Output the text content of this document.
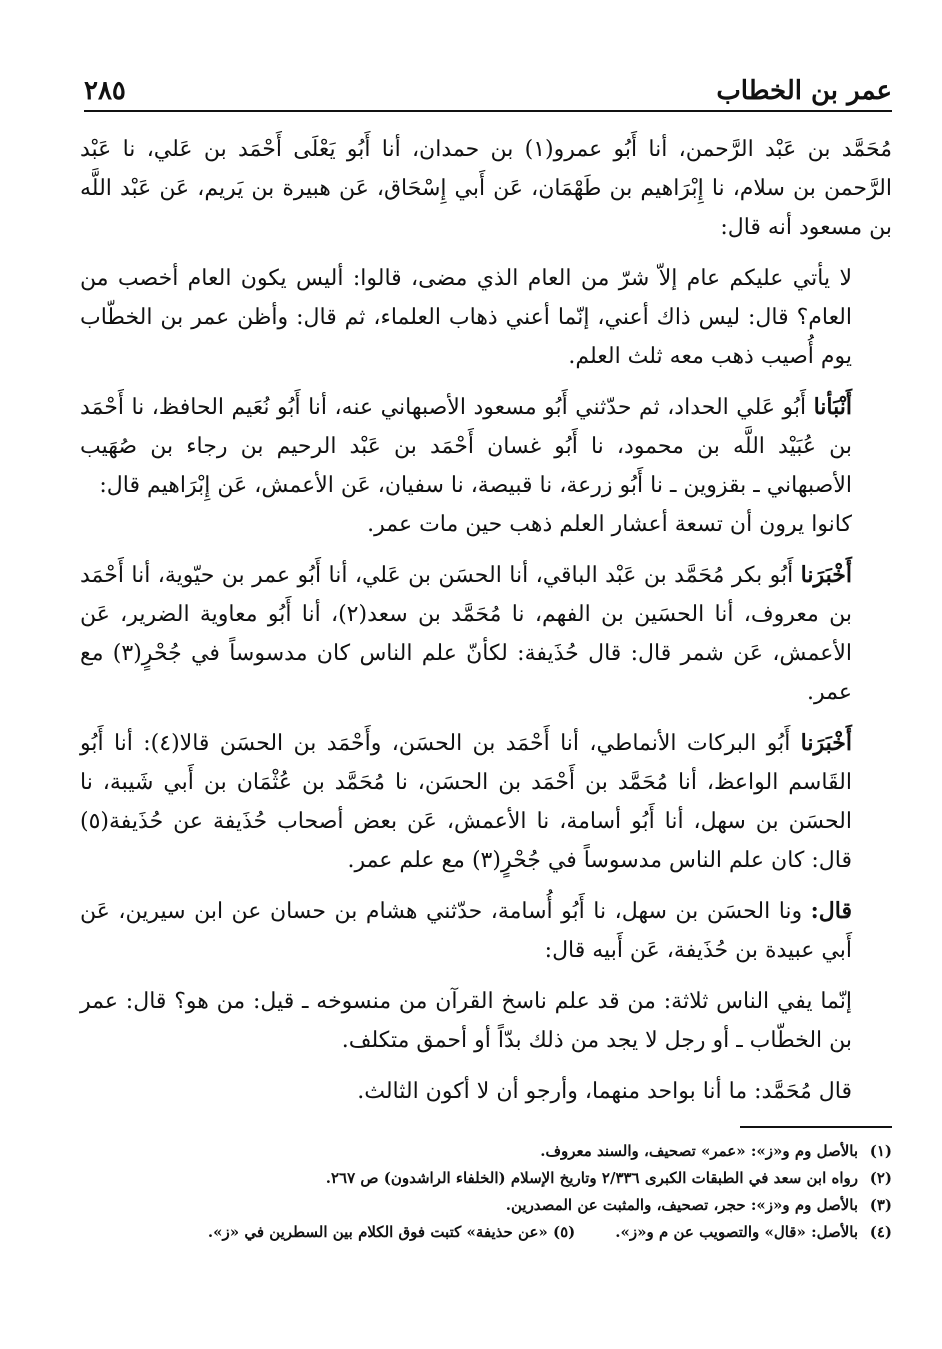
عمر بن الخطاب
٢٨٥

مُحَمَّد بن عَبْد الرَّحمن، أنا أَبُو عمرو(١) بن حمدان، أنا أَبُو يَعْلَى أَحْمَد بن عَلي، نا عَبْد الرَّحمن بن سلام، نا إِبْرَاهيم بن طَهْمَان، عَن أَبي إِسْحَاق، عَن هبيرة بن يَريم، عَن عَبْد اللَّه بن مسعود أنه قال:

لا يأتي عليكم عام إلاّ شرّ من العام الذي مضى، قالوا: أليس يكون العام أخصب من العام؟ قال: ليس ذاك أعني، إنّما أعني ذهاب العلماء، ثم قال: وأظن عمر بن الخطّاب يوم أُصيب ذهب معه ثلث العلم.

أَنْبَأنا أَبُو عَلي الحداد، ثم حدّثني أَبُو مسعود الأصبهاني عنه، أنا أَبُو نُعَيم الحافظ، نا أَحْمَد بن عُبَيْد اللَّه بن محمود، نا أَبُو غسان أَحْمَد بن عَبْد الرحيم بن رجاء بن صُهَيب الأصبهاني ـ بقزوين ـ نا أَبُو زرعة، نا قبيصة، نا سفيان، عَن الأعمش، عَن إِبْرَاهيم قال:

كانوا يرون أن تسعة أعشار العلم ذهب حين مات عمر.

أَخْبَرَنا أَبُو بكر مُحَمَّد بن عَبْد الباقي، أنا الحسَن بن عَلي، أنا أَبُو عمر بن حيّوية، أنا أَحْمَد بن معروف، أنا الحسَين بن الفهم، نا مُحَمَّد بن سعد(٢)، أنا أَبُو معاوية الضرير، عَن الأعمش، عَن شمر قال: قال حُذَيفة: لكأنّ علم الناس كان مدسوساً في جُحْرٍ(٣) مع عمر.

أَخْبَرَنا أَبُو البركات الأنماطي، أنا أَحْمَد بن الحسَن، وأَحْمَد بن الحسَن قالا(٤): أنا أَبُو القَاسم الواعظ، أنا مُحَمَّد بن أَحْمَد بن الحسَن، نا مُحَمَّد بن عُثْمَان بن أَبي شَيبة، نا الحسَن بن سهل، أنا أَبُو أسامة، نا الأعمش، عَن بعض أصحاب حُذَيفة عن حُذَيفة(٥) قال: كان علم الناس مدسوساً في جُحْرٍ(٣) مع علم عمر.

قال: ونا الحسَن بن سهل، نا أَبُو أُسامة، حدّثني هشام بن حسان عن ابن سيرين، عَن أَبي عبيدة بن حُذَيفة، عَن أَبيه قال:

إنّما يفي الناس ثلاثة: من قد علم ناسخ القرآن من منسوخه ـ قيل: من هو؟ قال: عمر بن الخطّاب ـ أو رجل لا يجد من ذلك بدّاً أو أحمق متكلف.

قال مُحَمَّد: ما أنا بواحد منهما، وأرجو أن لا أكون الثالث.

(١)بالأصل وم و«ز»: «عمر» تصحيف، والسند معروف.

(٢)رواه ابن سعد في الطبقات الكبرى ٢/٣٣٦ وتاريخ الإسلام (الخلفاء الراشدون) ص ٢٦٧.

(٣)بالأصل وم و«ز»: حجر، تصحيف، والمثبت عن المصدرين.

(٤)بالأصل: «قال» والتصويب عن م و«ز».(٥) «عن حذيفة» كتبت فوق الكلام بين السطرين في «ز».
